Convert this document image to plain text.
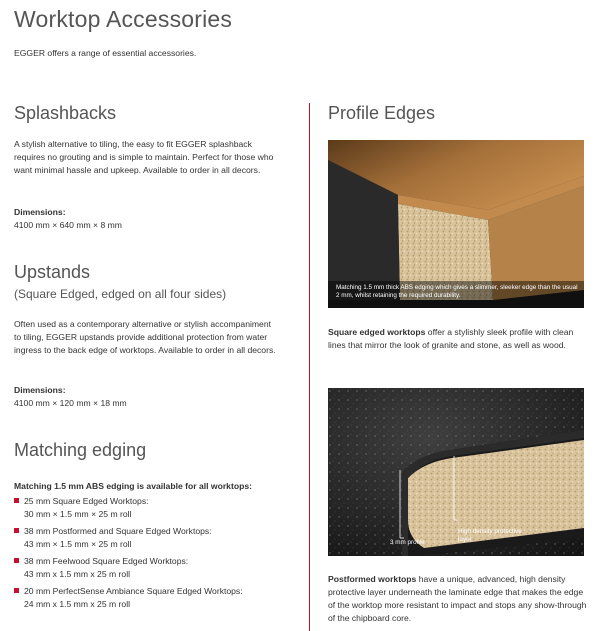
Worktop Accessories
EGGER offers a range of essential accessories.
Splashbacks
A stylish alternative to tiling, the easy to fit EGGER splashback requires no grouting and is simple to maintain. Perfect for those who want minimal hassle and upkeep. Available to order in all decors.
Dimensions:
4100 mm × 640 mm × 8 mm
Upstands
(Square Edged, edged on all four sides)
Often used as a contemporary alternative or stylish accompaniment to tiling, EGGER upstands provide additional protection from water ingress to the back edge of worktops. Available to order in all decors.
Dimensions:
4100 mm × 120 mm × 18 mm
Matching edging
Matching 1.5 mm ABS edging is available for all worktops:
25 mm Square Edged Worktops:
30 mm × 1.5 mm × 25 m roll
38 mm Postformed and Square Edged Worktops:
43 mm × 1.5 mm × 25 m roll
38 mm Feelwood Square Edged Worktops:
43 mm x 1.5 mm x 25 m roll
20 mm PerfectSense Ambiance Square Edged Worktops:
24 mm x 1.5 mm x 25 m roll
Profile Edges
Matching 1.5 mm thick ABS edging which gives a slimmer, sleeker edge than the usual 2 mm, whilst retaining the required durability.
Square edged worktops offer a stylishly sleek profile with clean lines that mirror the look of granite and stone, as well as wood.
3 mm profile
High density protective layer
Postformed worktops have a unique, advanced, high density protective layer underneath the laminate edge that makes the edge of the worktop more resistant to impact and stops any show-through of the chipboard core.
